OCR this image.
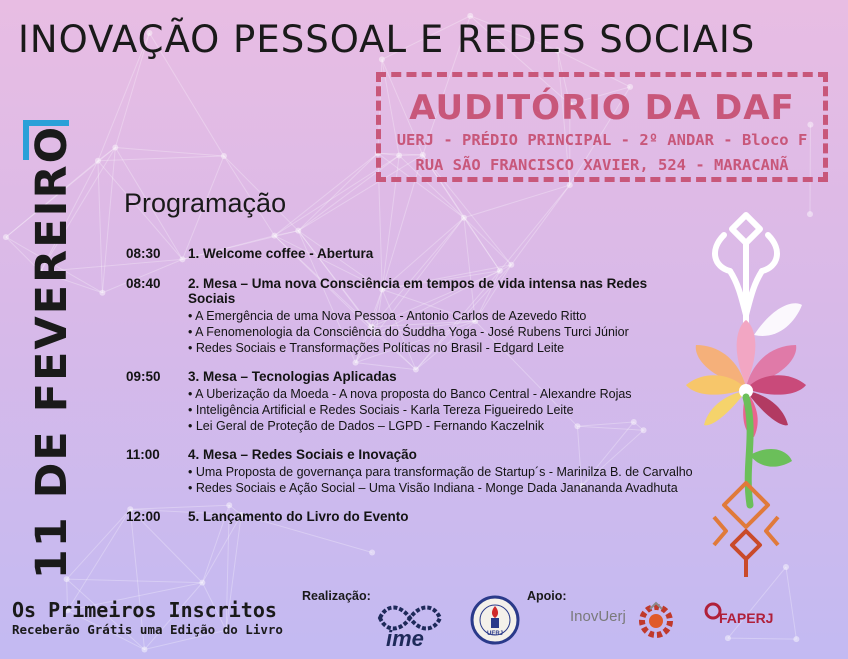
INOVAÇÃO PESSOAL E REDES SOCIAIS
AUDITÓRIO DA DAF
UERJ - PRÉDIO PRINCIPAL - 2º ANDAR - Bloco F
RUA SÃO FRANCISCO XAVIER, 524 - MARACANÃ
11 DE FEVEREIRO Programação
08:30	1. Welcome coffee - Abertura
08:40	2. Mesa – Uma nova Consciência em tempos de vida intensa nas Redes Sociais
• A Emergência de uma Nova Pessoa - Antonio Carlos de Azevedo Ritto
• A Fenomenologia da Consciência do Śuddha Yoga - José Rubens Turci Júnior
• Redes Sociais e Transformações Políticas no Brasil - Edgard Leite
09:50	3. Mesa – Tecnologias Aplicadas
• A Uberização da Moeda - A nova proposta do Banco Central - Alexandre Rojas
• Inteligência Artificial e Redes Sociais - Karla Tereza Figueiredo Leite
• Lei Geral de Proteção de Dados – LGPD - Fernando Kaczelnik
11:00	4. Mesa – Redes Sociais e Inovação
• Uma Proposta de governança para transformação de Startup´s - Marinilza B. de Carvalho
• Redes Sociais e Ação Social – Uma Visão Indiana - Monge Dada Janananda Avadhuta
12:00	5. Lançamento do Livro do Evento
Os Primeiros Inscritos
Receberão Grátis uma Edição do Livro
Realização:	Apoio:
ime	UERJ
InovUerj	FAPERJ
